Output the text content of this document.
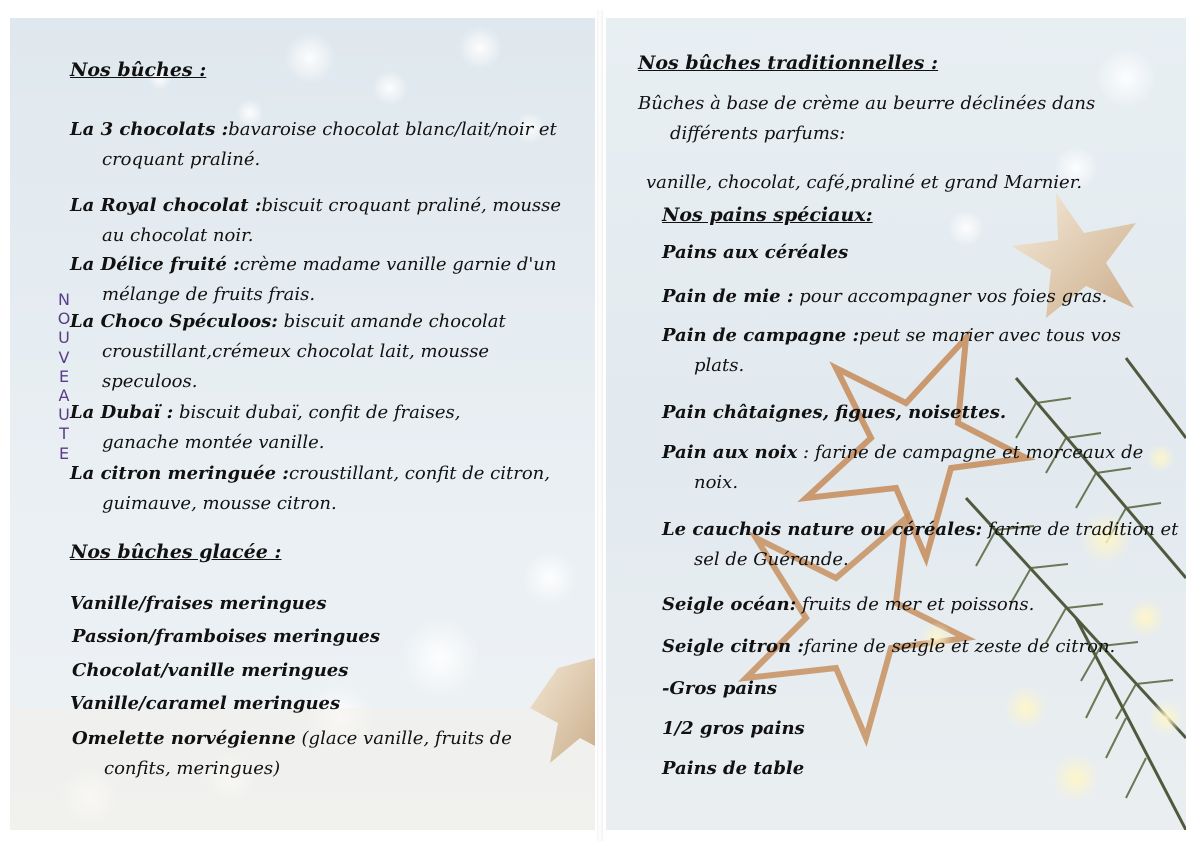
Nos bûches :
La 3 chocolats :bavaroise chocolat blanc/lait/noir et
croquant praliné.
La Royal chocolat :biscuit croquant praliné, mousse
au chocolat noir.
La Délice fruité :crème madame vanille garnie d'un
mélange de fruits frais.
La Choco Spéculoos: biscuit amande chocolat
croustillant,crémeux chocolat lait, mousse
speculoos.
La Dubaï : biscuit dubaï, confit de fraises,
ganache montée vanille.
La citron meringuée :croustillant, confit de citron,
guimauve, mousse citron.
Nos bûches glacée :
Vanille/fraises meringues
Passion/framboises meringues
Chocolat/vanille meringues
Vanille/caramel meringues
Omelette norvégienne (glace vanille, fruits de
confits, meringues)
Nos bûches traditionnelles :
Bûches à base de crème au beurre déclinées dans
différents parfums:
vanille, chocolat, café,praliné et grand Marnier.
Nos pains spéciaux:
Pains aux céréales
Pain de mie : pour accompagner vos foies gras.
Pain de campagne :peut se marier avec tous vos
plats.
Pain châtaignes, figues, noisettes.
Pain aux noix : farine de campagne et morceaux de
noix.
Le cauchois nature ou céréales: farine de tradition et
sel de Guérande.
Seigle océan: fruits de mer et poissons.
Seigle citron :farine de seigle et zeste de citron.
-Gros pains
1/2 gros pains
Pains de table
N
O
U
V
E
A
U
T
E
